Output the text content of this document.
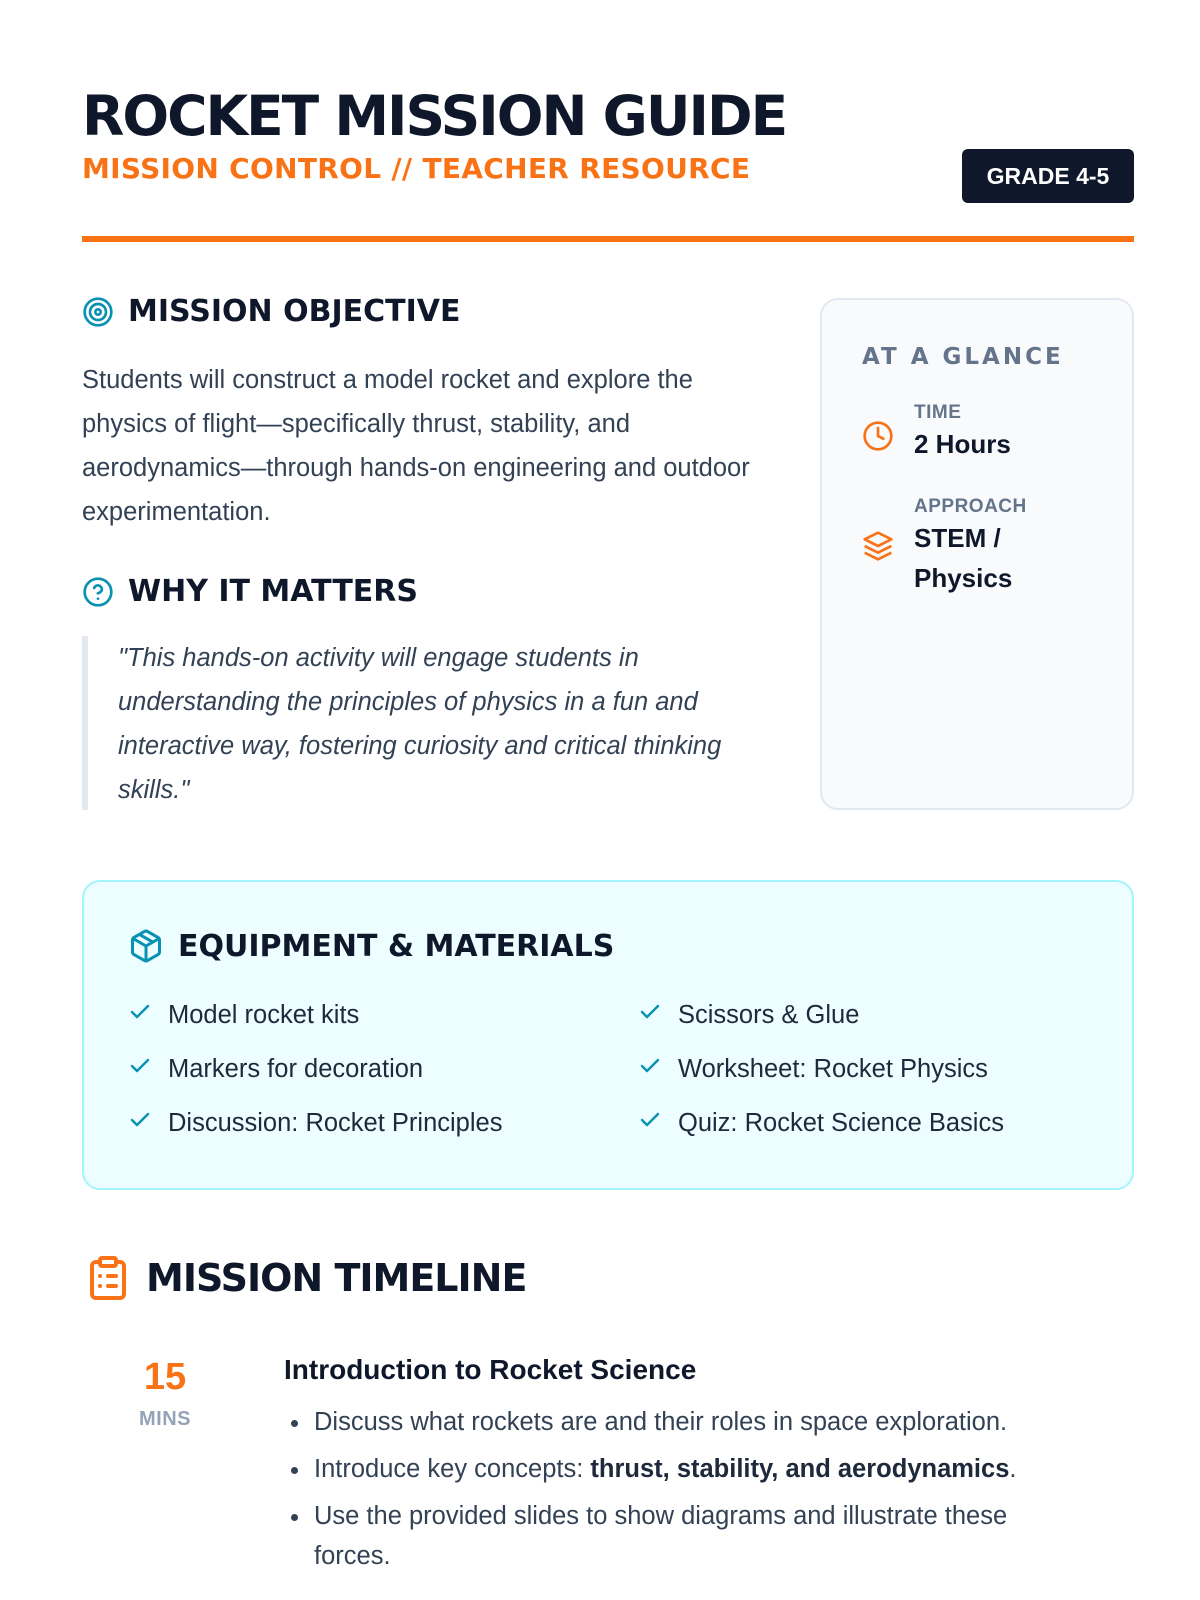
ROCKET MISSION GUIDE
MISSION CONTROL // TEACHER RESOURCE	GRADE 4-5
MISSION OBJECTIVE

Students will construct a model rocket and explore the physics of flight—specifically thrust, stability, and aerodynamics—through hands-on engineering and outdoor experimentation.

WHY IT MATTERS
"This hands-on activity will engage students in understanding the principles of physics in a fun and interactive way, fostering curiosity and critical thinking skills."
AT A GLANCE
TIME
2 Hours
APPROACH
STEM / Physics
EQUIPMENT & MATERIALS
Model rocket kits	Scissors & Glue
Markers for decoration	Worksheet: Rocket Physics
Discussion: Rocket Principles	Quiz: Rocket Science Basics
MISSION TIMELINE
15
MINS
Introduction to Rocket Science
• Discuss what rockets are and their roles in space exploration.
• Introduce key concepts: thrust, stability, and aerodynamics.
• Use the provided slides to show diagrams and illustrate these forces.
